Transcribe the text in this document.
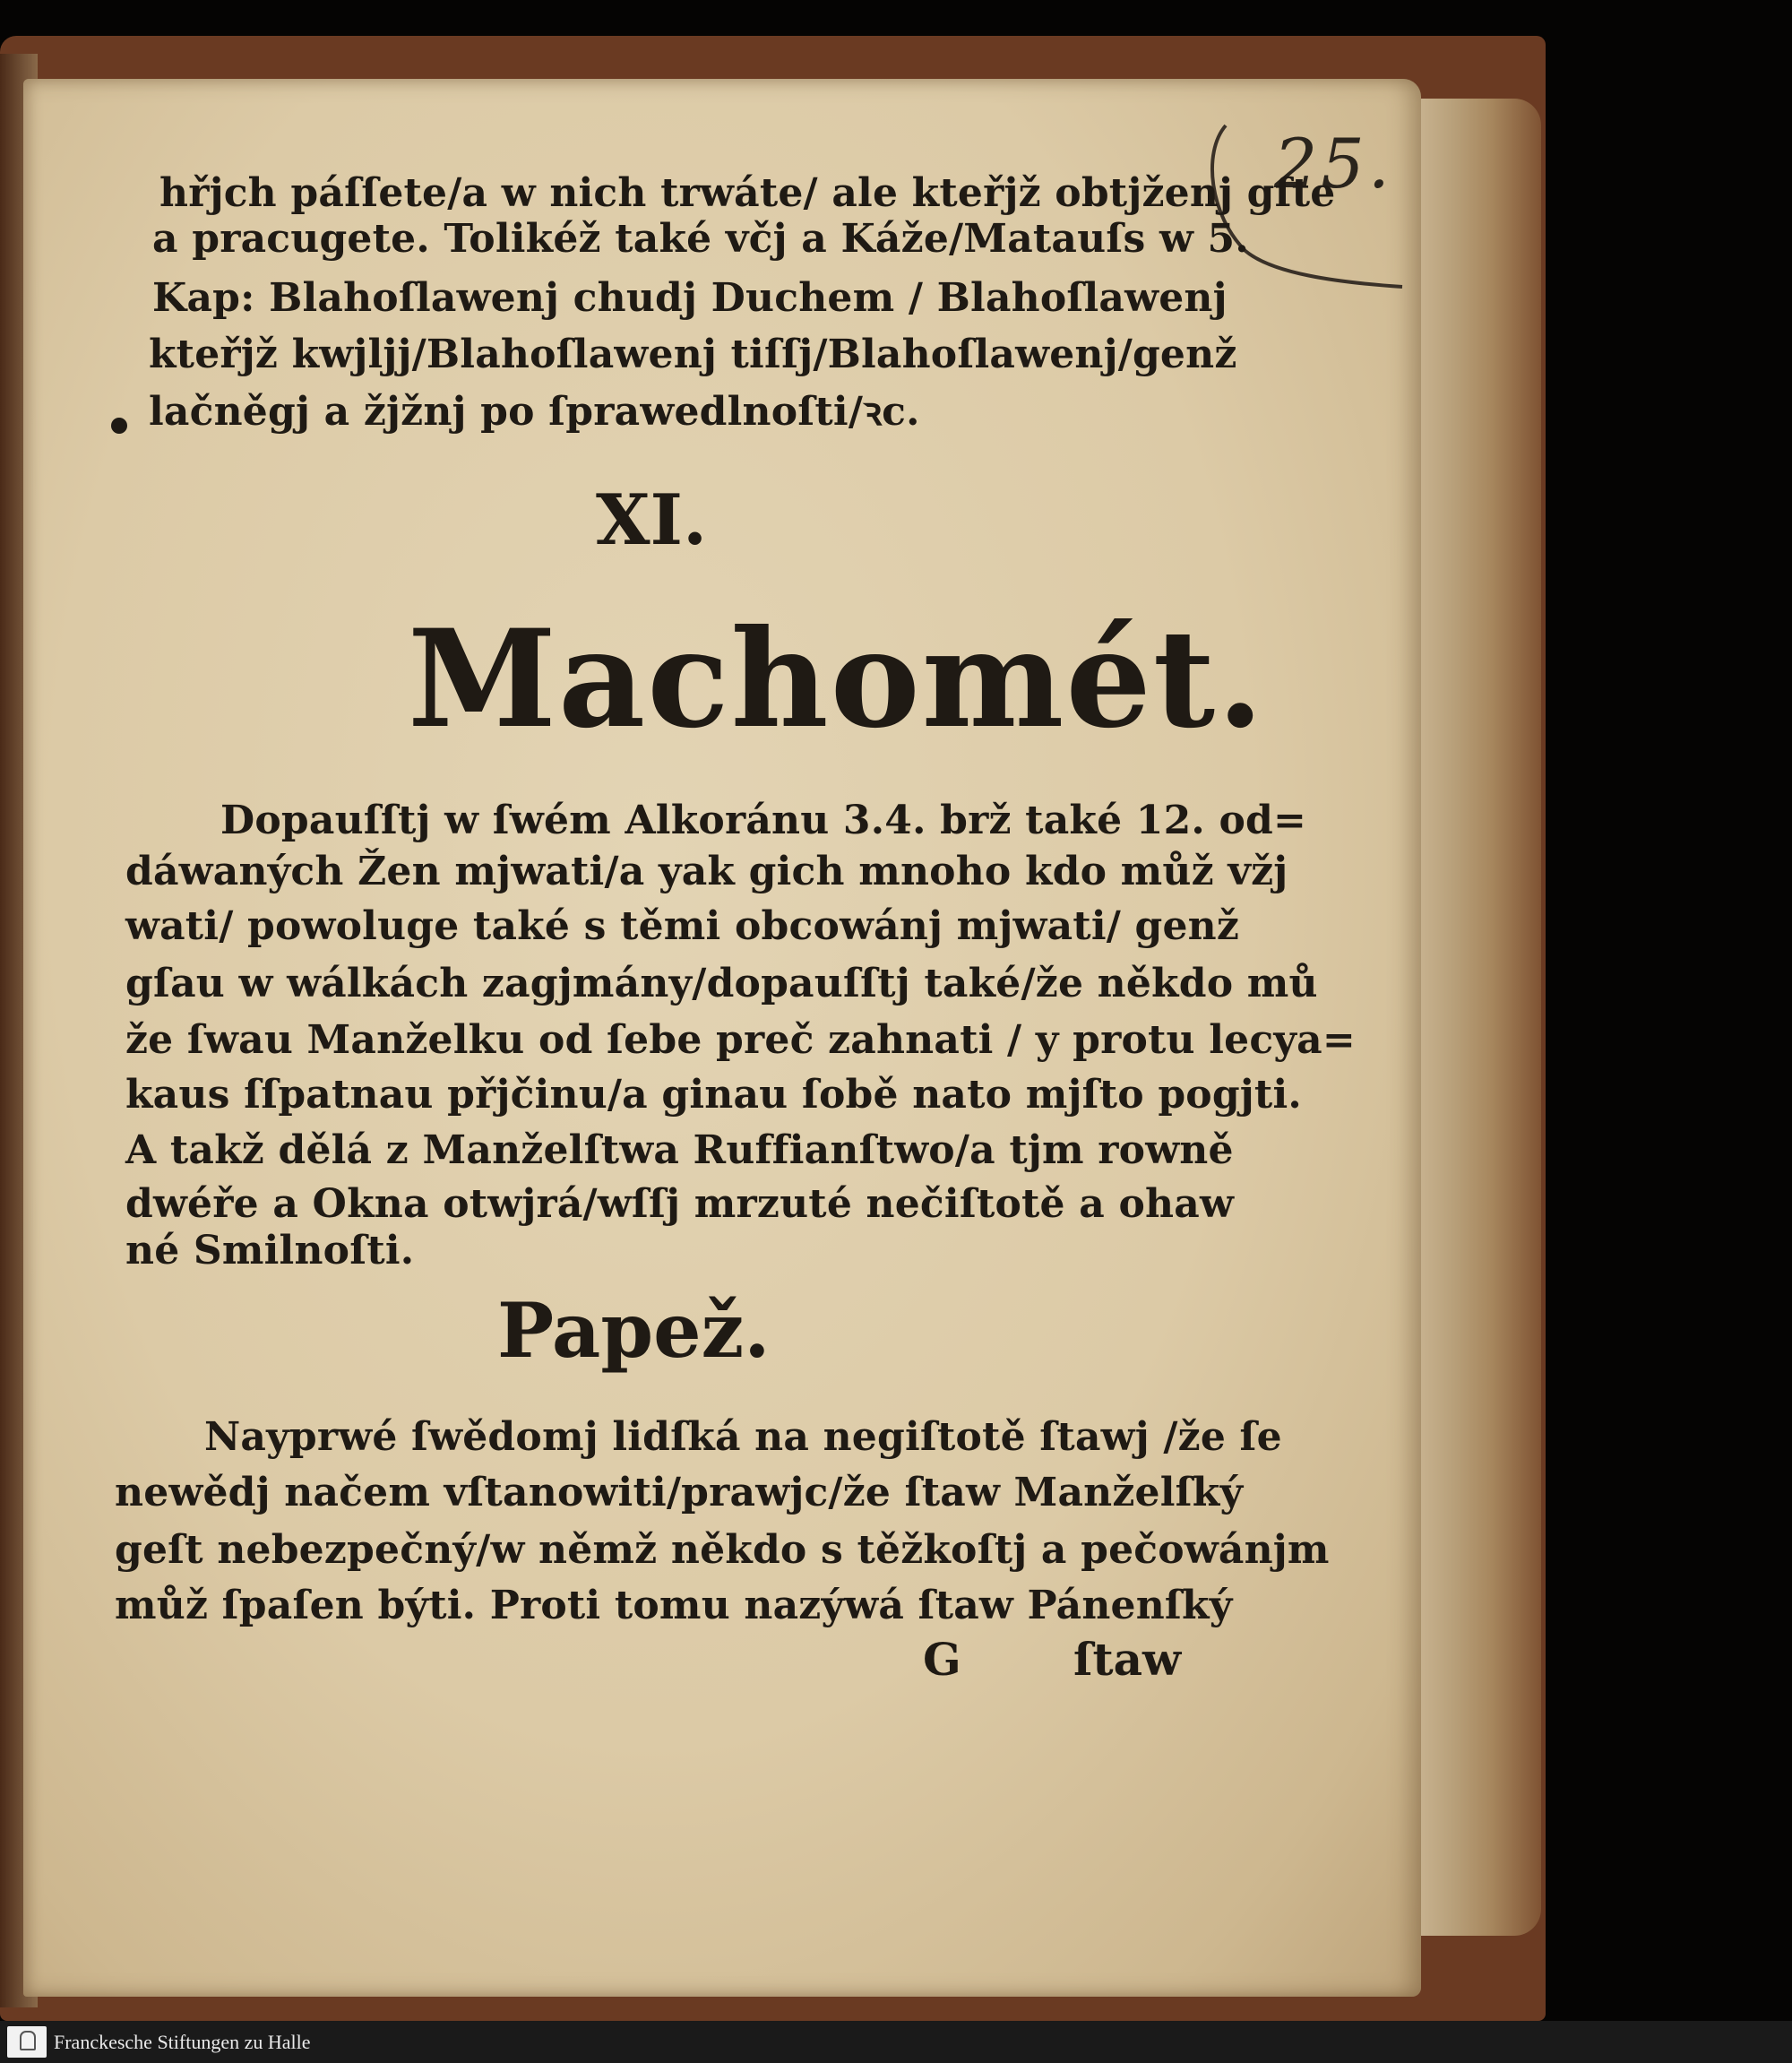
25.
hřjch páſſete/a w nich trwáte/ ale kteřjž obtjženj gſte
a pracugete. Tolikéž také včj a Káže/Matauſs w 5.
Kap: Blahoſlawenj chudj Duchem / Blahoſlawenj
kteřjž kwjljj/Blahoſlawenj tiſſj/Blahoſlawenj/genž
lačněgj a žjžnj po ſprawedlnoſti/ꝛc.
XI.
Machomét.
Dopauſſtj w ſwém Alkoránu 3.4. brž také 12. od=
dáwaných Žen mjwati/a yak gich mnoho kdo můž vžj
wati/ powoluge také s těmi obcowánj mjwati/ genž
gſau w wálkách zagjmány/dopauſſtj také/že někdo mů
že ſwau Manželku od ſebe preč zahnati / y protu lecya=
kaus ſſpatnau přjčinu/a ginau ſobě nato mjſto pogjti.
A takž dělá z Manželſtwa Ruffianſtwo/a tjm rowně
dwéře a Okna otwjrá/wſſj mrzuté nečiſtotě a ohaw
né Smilnoſti.
Papež.
Nayprwé ſwědomj lidſká na negiſtotě ſtawj /že ſe
newědj načem vſtanowiti/prawjc/že ſtaw Manželſký
geſt nebezpečný/w němž někdo s těžkoſtj a pečowánjm
můž ſpaſen býti. Proti tomu nazýwá ſtaw Pánenſký
G	ſtaw
Franckesche Stiftungen zu Halle
